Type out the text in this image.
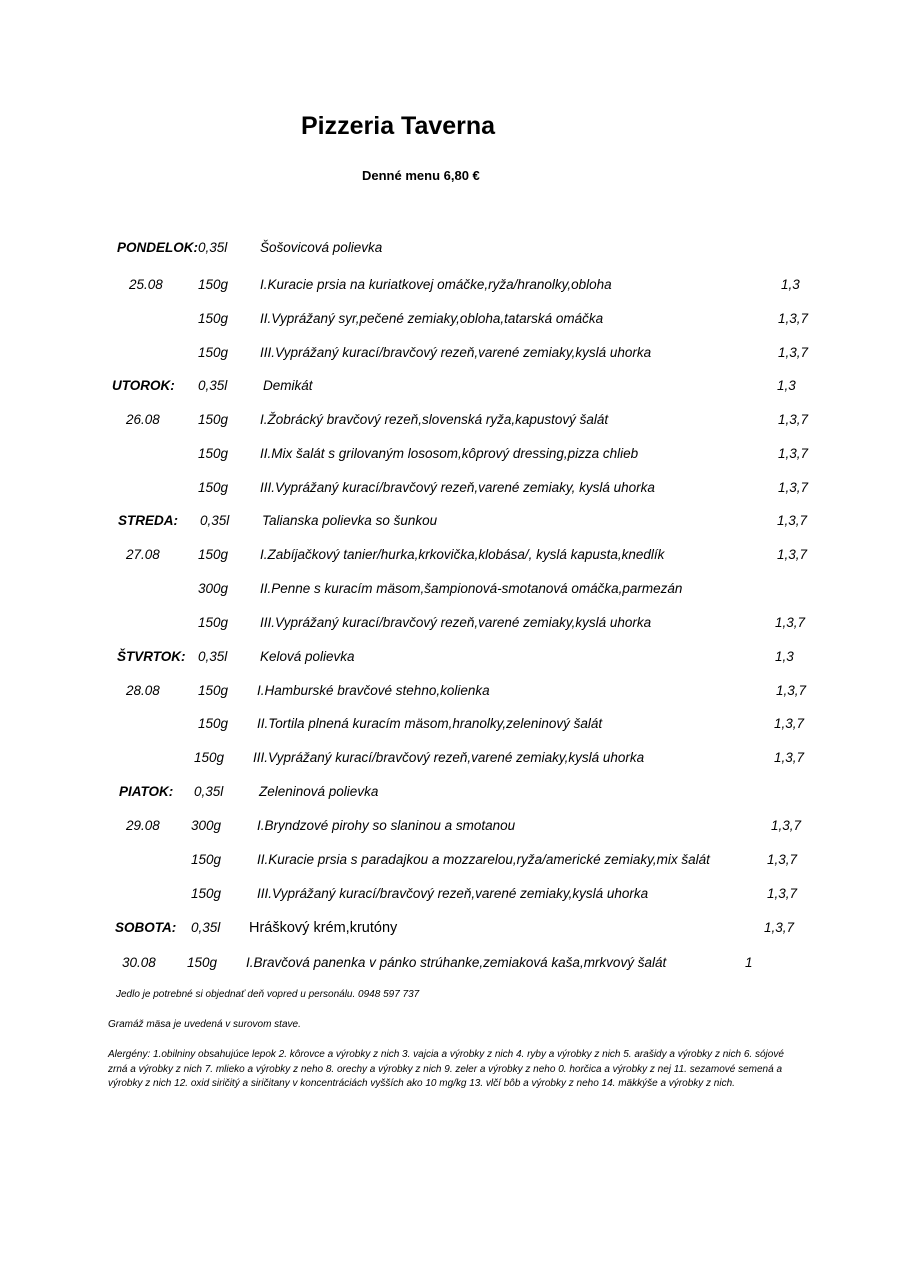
Pizzeria Taverna
Denné menu 6,80 €
PONDELOK: 0,35l Šošovicová polievka
25.08	150g I.Kuracie prsia na kuriatkovej omáčke,ryža/hranolky,obloha	1,3
150g II.Vyprážaný syr,pečené zemiaky,obloha,tatarská omáčka	1,3,7
150g III.Vyprážaný kurací/bravčový rezeň,varené zemiaky,kyslá uhorka	1,3,7
UTOROK: 0,35l	Demikát	1,3
26.08	150g I.Žobrácký bravčový rezeň,slovenská ryža,kapustový šalát	1,3,7
150g II.Mix šalát s grilovaným lososom,kôprový dressing,pizza chlieb	1,3,7
150g III.Vyprážaný kurací/bravčový rezeň,varené zemiaky, kyslá uhorka	1,3,7
STREDA: 0,35l Talianska polievka so šunkou	1,3,7
27.08	150g I.Zabíjačkový tanier/hurka,krkovička,klobása/, kyslá kapusta,knedlík	1,3,7
300g II.Penne s kuracím mäsom,šampionová-smotanová omáčka,parmezán
150g III.Vyprážaný kurací/bravčový rezeň,varené zemiaky,kyslá uhorka	1,3,7
ŠTVRTOK: 0,35l Kelová polievka	1,3
28.08	150g I.Hamburské bravčové stehno,kolienka	1,3,7
150g II.Tortila plnená kuracím mäsom,hranolky,zeleninový šalát	1,3,7
150g III.Vyprážaný kurací/bravčový rezeň,varené zemiaky,kyslá uhorka	1,3,7
PIATOK: 0,35l	Zeleninová polievka
29.08 300g	I.Bryndzové pirohy so slaninou a smotanou	1,3,7
150g	II.Kuracie prsia s paradajkou a mozzarelou,ryža/americké zemiaky,mix šalát	1,3,7
150g	III.Vyprážaný kurací/bravčový rezeň,varené zemiaky,kyslá uhorka	1,3,7
SOBOTA: 0,35l Hráškový krém,krutóny	1,3,7
30.08 150g I.Bravčová panenka v pánko strúhanke,zemiaková kaša,mrkvový šalát	1
Jedlo je potrebné si objednať deň vopred u personálu. 0948 597 737
Gramáž mäsa je uvedená v surovom stave.
Alergény: 1.obilniny obsahujúce lepok 2. kôrovce a výrobky z nich 3. vajcia a výrobky z nich 4. ryby a výrobky z nich 5. arašidy a výrobky z nich 6. sójové zrná a výrobky z nich 7. mlieko a výrobky z neho 8. orechy a výrobky z nich 9. zeler a výrobky z neho 0. horčica a výrobky z nej 11. sezamové semená a výrobky z nich 12. oxid siričitý a siričitany v koncentráciách vyšších ako 10 mg/kg 13. vlčí bôb a výrobky z neho 14. mäkkýše a výrobky z nich.
